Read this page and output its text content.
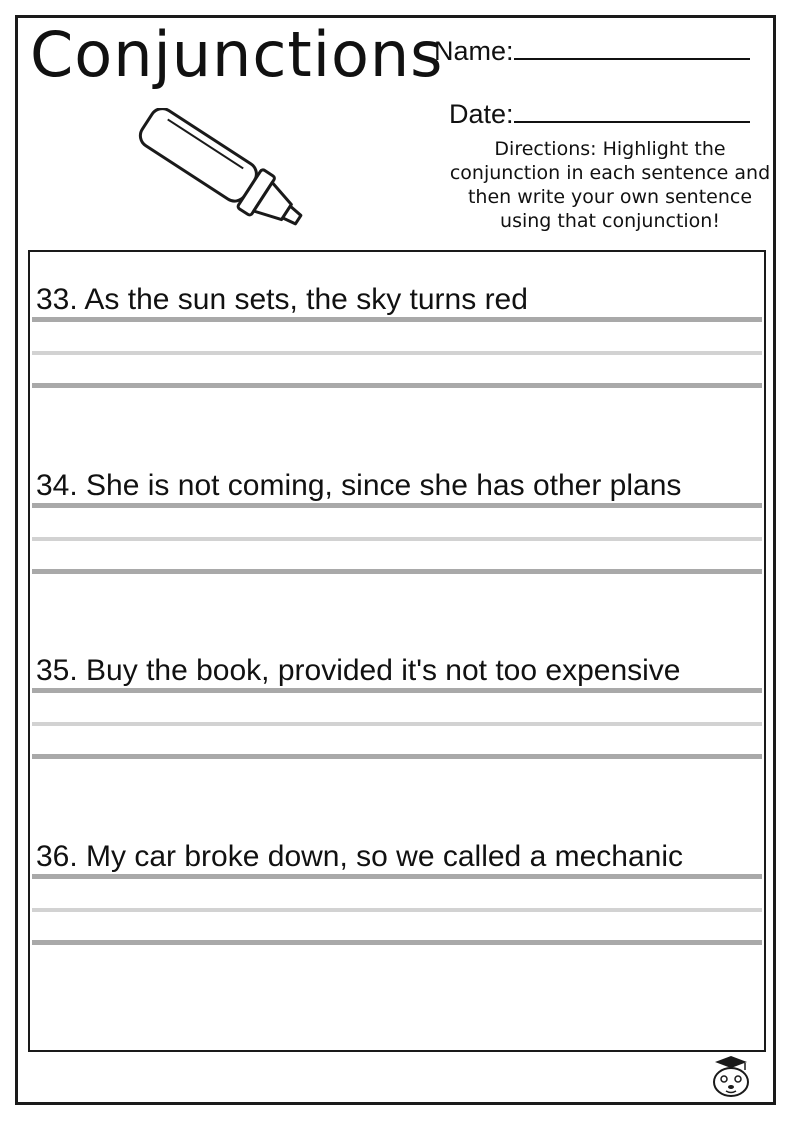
Conjunctions
Name:
Date:
Directions: Highlight the conjunction in each sentence and then write your own sentence using that conjunction!
33. As the sun sets, the sky turns red
34. She is not coming, since she has other plans
35. Buy the book, provided it's not too expensive
36. My car broke down, so we called a mechanic
